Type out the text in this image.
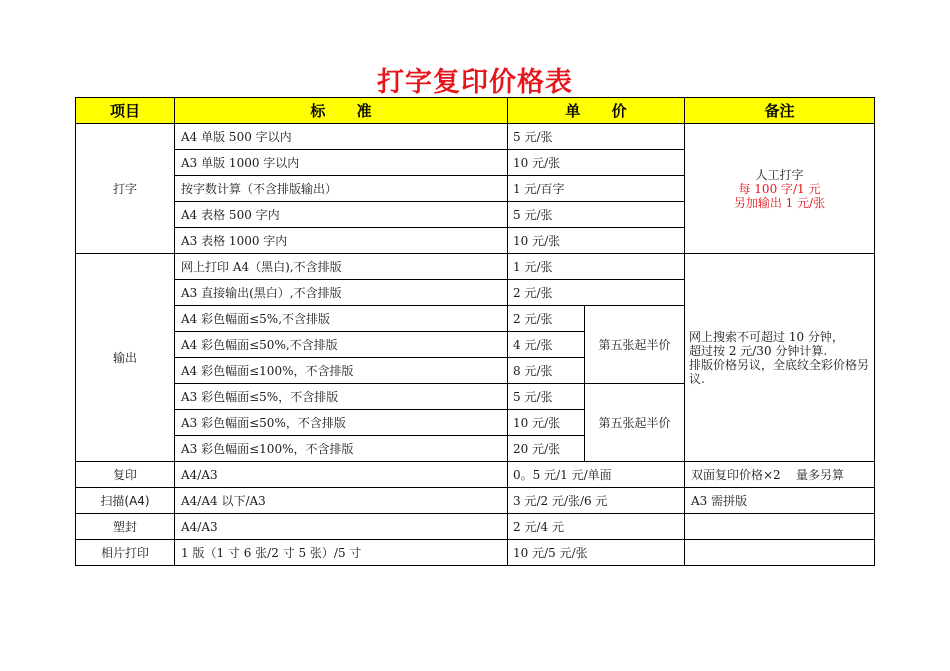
打字复印价格表
项目	标      准	单      价		备注
打字	A4 单版 500 字以内	5 元/张		人工打字
每 100 字/1 元
另加输出 1 元/张

	A3 单版 1000 字以内	10 元/张		
	按字数计算（不含排版输出）	1 元/百字		
	A4 表格 500 字内	5 元/张		
	A3 表格 1000 字内	10 元/张		
输出	网上打印 A4（黑白),不含排版	1 元/张		网上搜索不可超过 10 分钟，
超过按 2 元/30 分钟计算.
排版价格另议，全底纹全彩价格另议.

	A3 直接输出(黑白）,不含排版	2 元/张		
	A4 彩色幅面≤5%,不含排版	2 元/张	第五张起半价	
	A4 彩色幅面≤50%,不含排版	4 元/张		
	A4 彩色幅面≤100%，不含排版	8 元/张		
	A3 彩色幅面≤5%，不含排版	5 元/张	第五张起半价	
	A3 彩色幅面≤50%，不含排版	10 元/张		
	A3 彩色幅面≤100%，不含排版	20 元/张		
复印	A4/A3	0。5 元/1 元/单面		双面复印价格×2    量多另算
扫描(A4)	A4/A4 以下/A3	3 元/2 元/张/6 元		A3 需拼版
塑封	A4/A3	2 元/4 元		
相片打印	1 版（1 寸 6 张/2 寸 5 张）/5 寸	10 元/5 元/张		
